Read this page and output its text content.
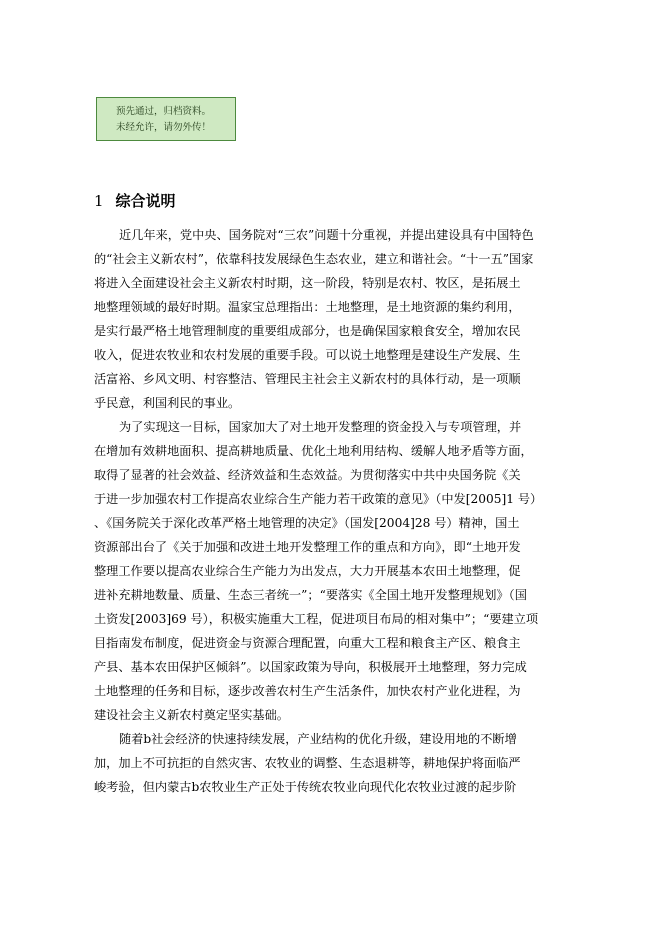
预先通过，归档资料。
未经允许，请勿外传！
1 综合说明
近几年来，党中央、国务院对“三农”问题十分重视，并提出建设具有中国特色
的“社会主义新农村”，依靠科技发展绿色生态农业，建立和谐社会。“十一五”国家
将进入全面建设社会主义新农村时期，这一阶段，特别是农村、牧区，是拓展土
地整理领域的最好时期。温家宝总理指出：土地整理，是土地资源的集约利用，
是实行最严格土地管理制度的重要组成部分，也是确保国家粮食安全，增加农民
收入，促进农牧业和农村发展的重要手段。可以说土地整理是建设生产发展、生
活富裕、乡风文明、村容整洁、管理民主社会主义新农村的具体行动，是一项顺
乎民意，利国利民的事业。
为了实现这一目标，国家加大了对土地开发整理的资金投入与专项管理，并
在增加有效耕地面积、提高耕地质量、优化土地利用结构、缓解人地矛盾等方面，
取得了显著的社会效益、经济效益和生态效益。为贯彻落实中共中央国务院《关
于进一步加强农村工作提高农业综合生产能力若干政策的意见》（中发[2005]1 号）
、《国务院关于深化改革严格土地管理的决定》（国发[2004]28 号）精神，国土
资源部出台了《关于加强和改进土地开发整理工作的重点和方向》，即“土地开发
整理工作要以提高农业综合生产能力为出发点，大力开展基本农田土地整理，促
进补充耕地数量、质量、生态三者统一”；“要落实《全国土地开发整理规划》（国
土资发[2003]69 号），积极实施重大工程，促进项目布局的相对集中”；“要建立项
目指南发布制度，促进资金与资源合理配置，向重大工程和粮食主产区、粮食主
产县、基本农田保护区倾斜”。以国家政策为导向，积极展开土地整理，努力完成
土地整理的任务和目标，逐步改善农村生产生活条件，加快农村产业化进程，为
建设社会主义新农村奠定坚实基础。
随着b社会经济的快速持续发展，产业结构的优化升级，建设用地的不断增
加，加上不可抗拒的自然灾害、农牧业的调整、生态退耕等，耕地保护将面临严
峻考验，但内蒙古b农牧业生产正处于传统农牧业向现代化农牧业过渡的起步阶
